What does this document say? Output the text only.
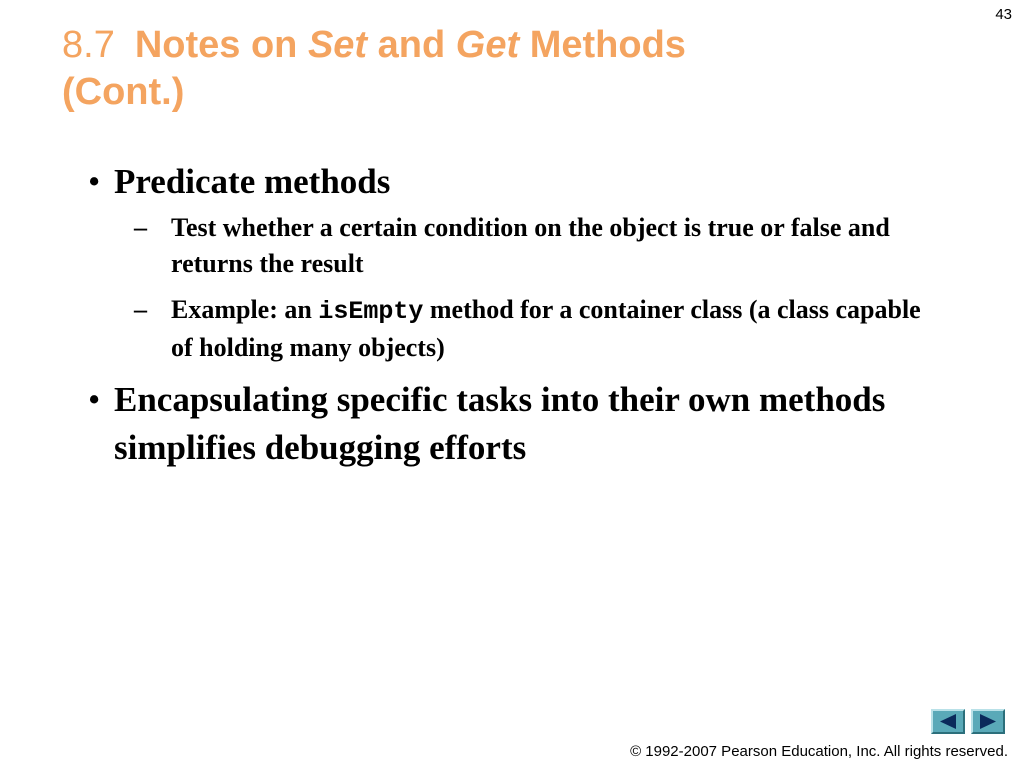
43
8.7 Notes on Set and Get Methods
(Cont.)
• Predicate methods
– Test whether a certain condition on the object is true or false and returns the result
– Example: an isEmpty method for a container class (a class capable of holding many objects)
• Encapsulating specific tasks into their own methods simplifies debugging efforts
© 1992-2007 Pearson Education, Inc. All rights reserved.
